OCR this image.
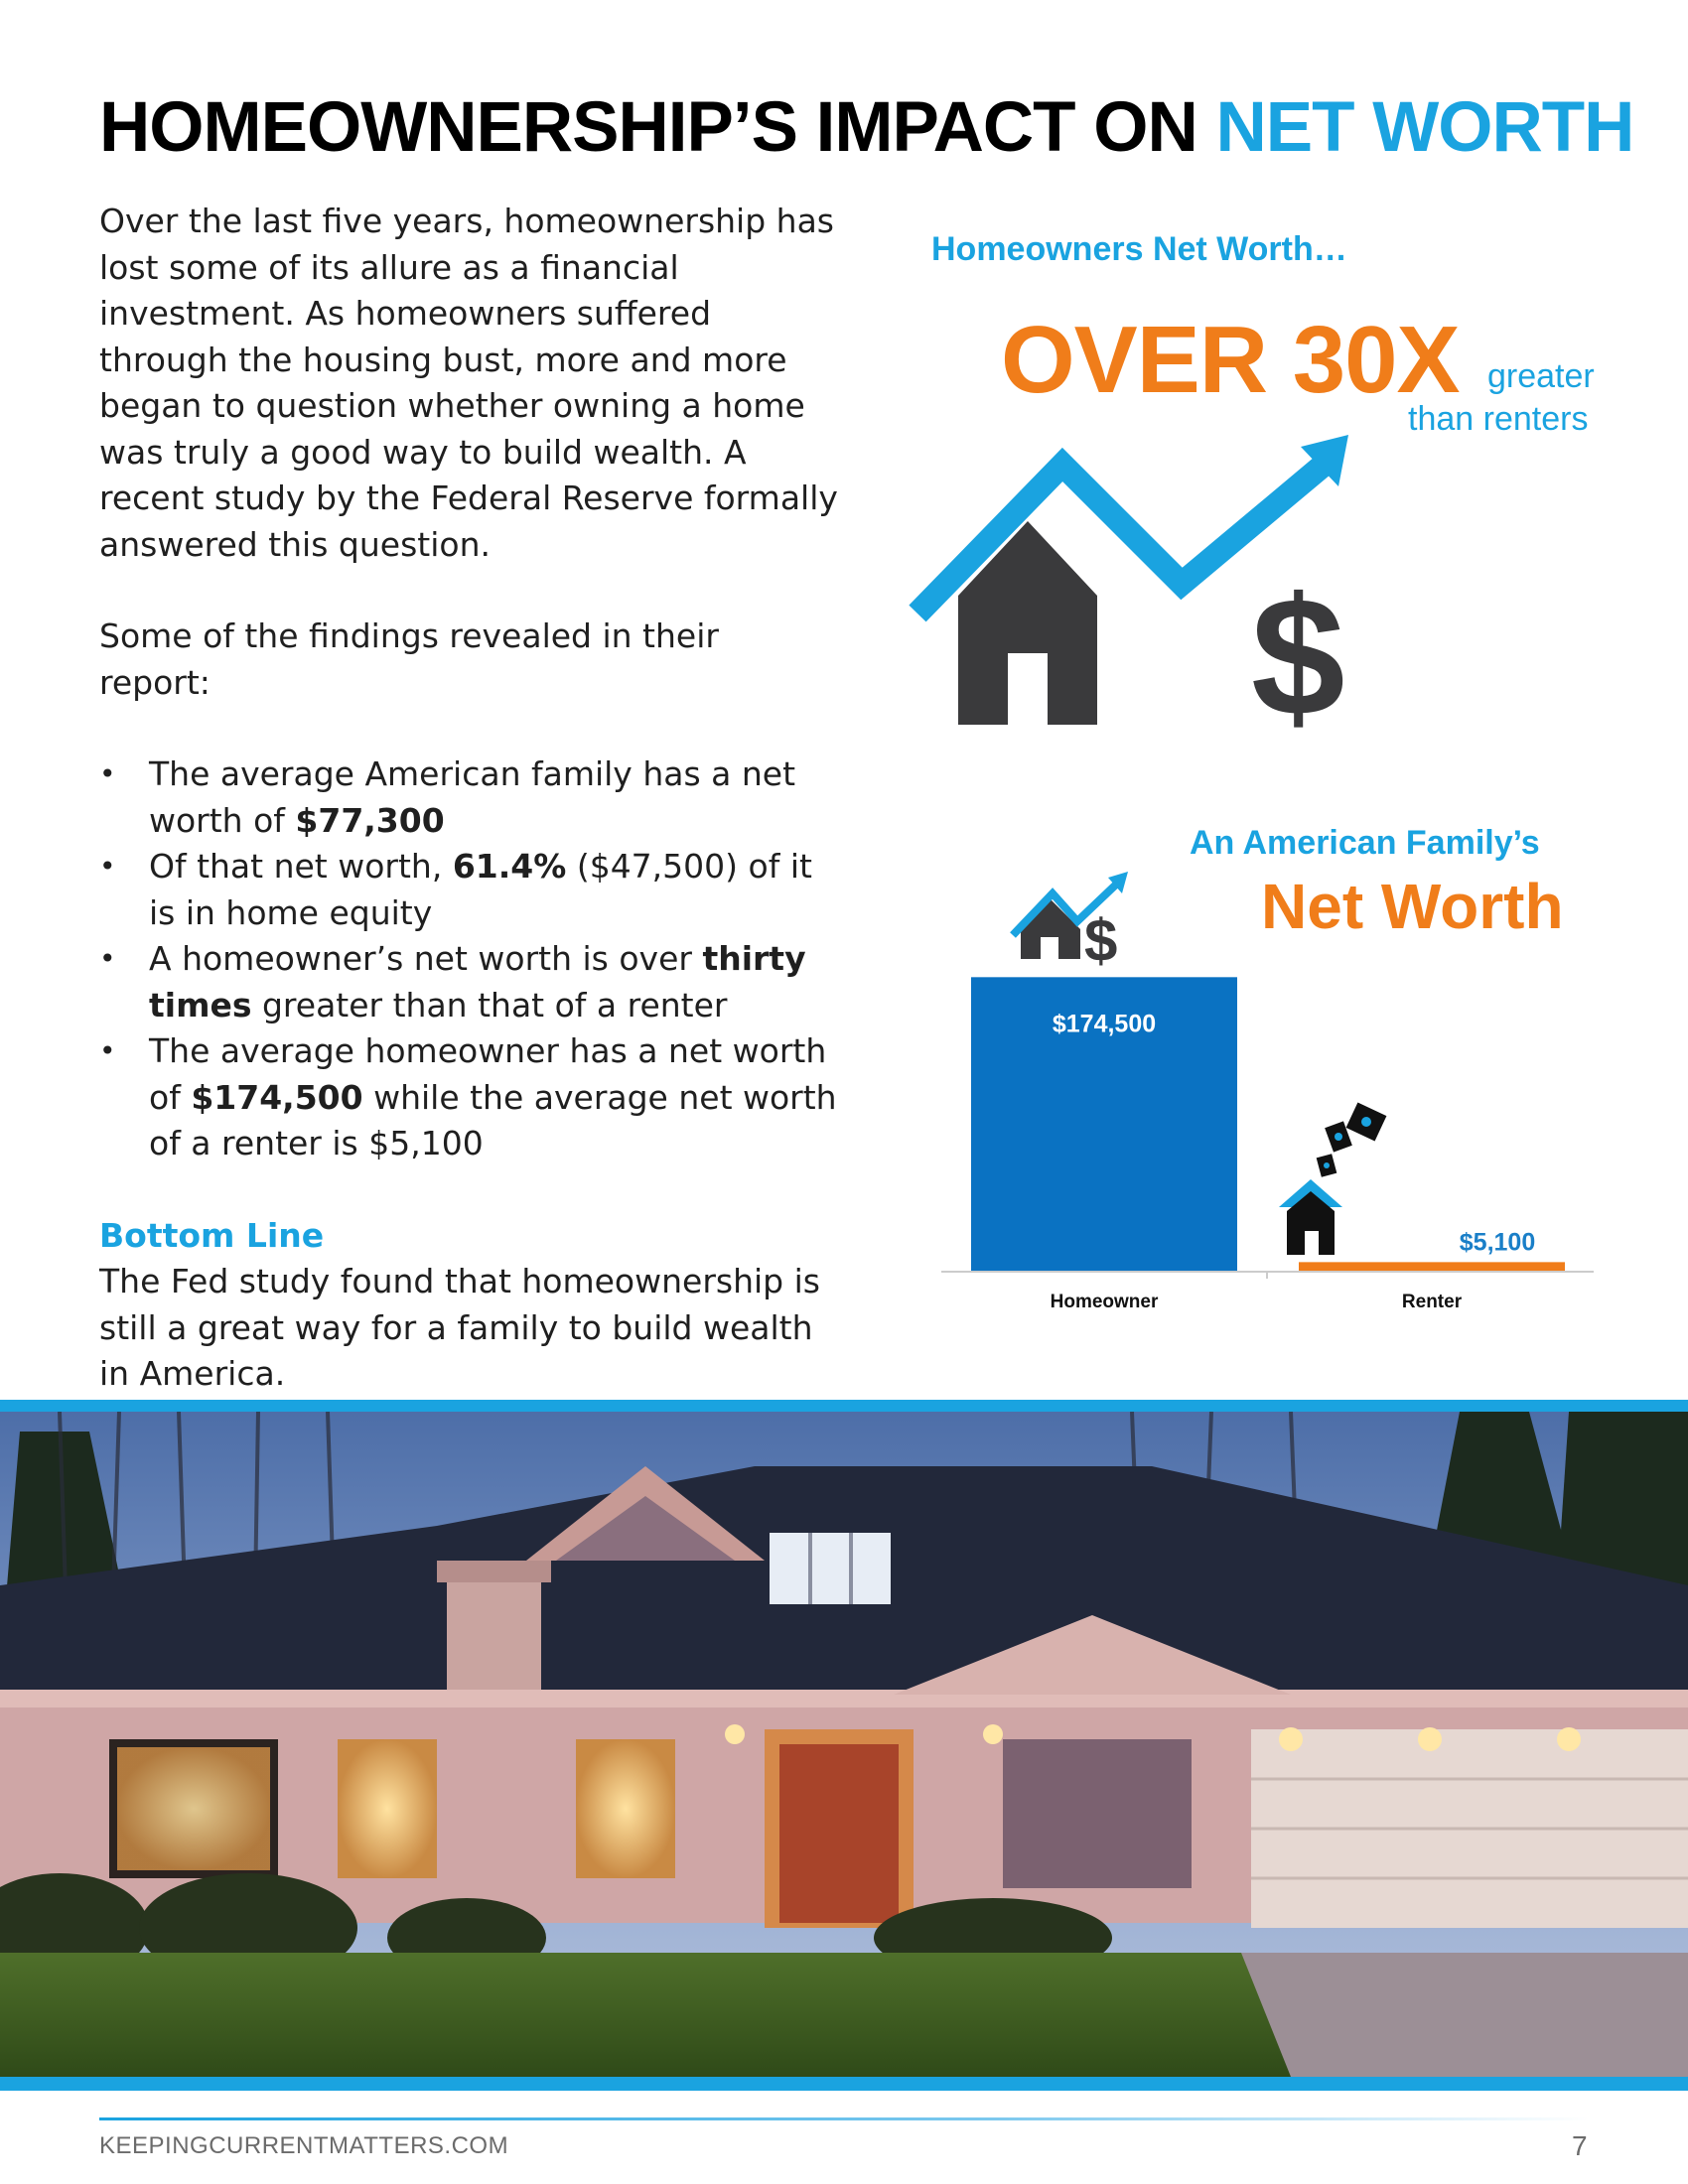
HOMEOWNERSHIP’S IMPACT ON NET WORTH

Over the last five years, homeownership has lost some of its allure as a financial investment. As homeowners suffered through the housing bust, more and more began to question whether owning a home was truly a good way to build wealth. A recent study by the Federal Reserve formally answered this question.

Some of the findings revealed in their report:

• The average American family has a net worth of $77,300
• Of that net worth, 61.4% ($47,500) of it is in home equity
• A homeowner’s net worth is over thirty times greater than that of a renter
• The average homeowner has a net worth of $174,500 while the average net worth of a renter is $5,100

Bottom Line

The Fed study found that homeownership is still a great way for a family to build wealth in America.

Homeowners Net Worth…
OVER 30X greater
than renters
$
An American Family’s
Net Worth
$
$174,500
Homeowner
$5,100
Renter
KEEPINGCURRENTMATTERS.COM	7
